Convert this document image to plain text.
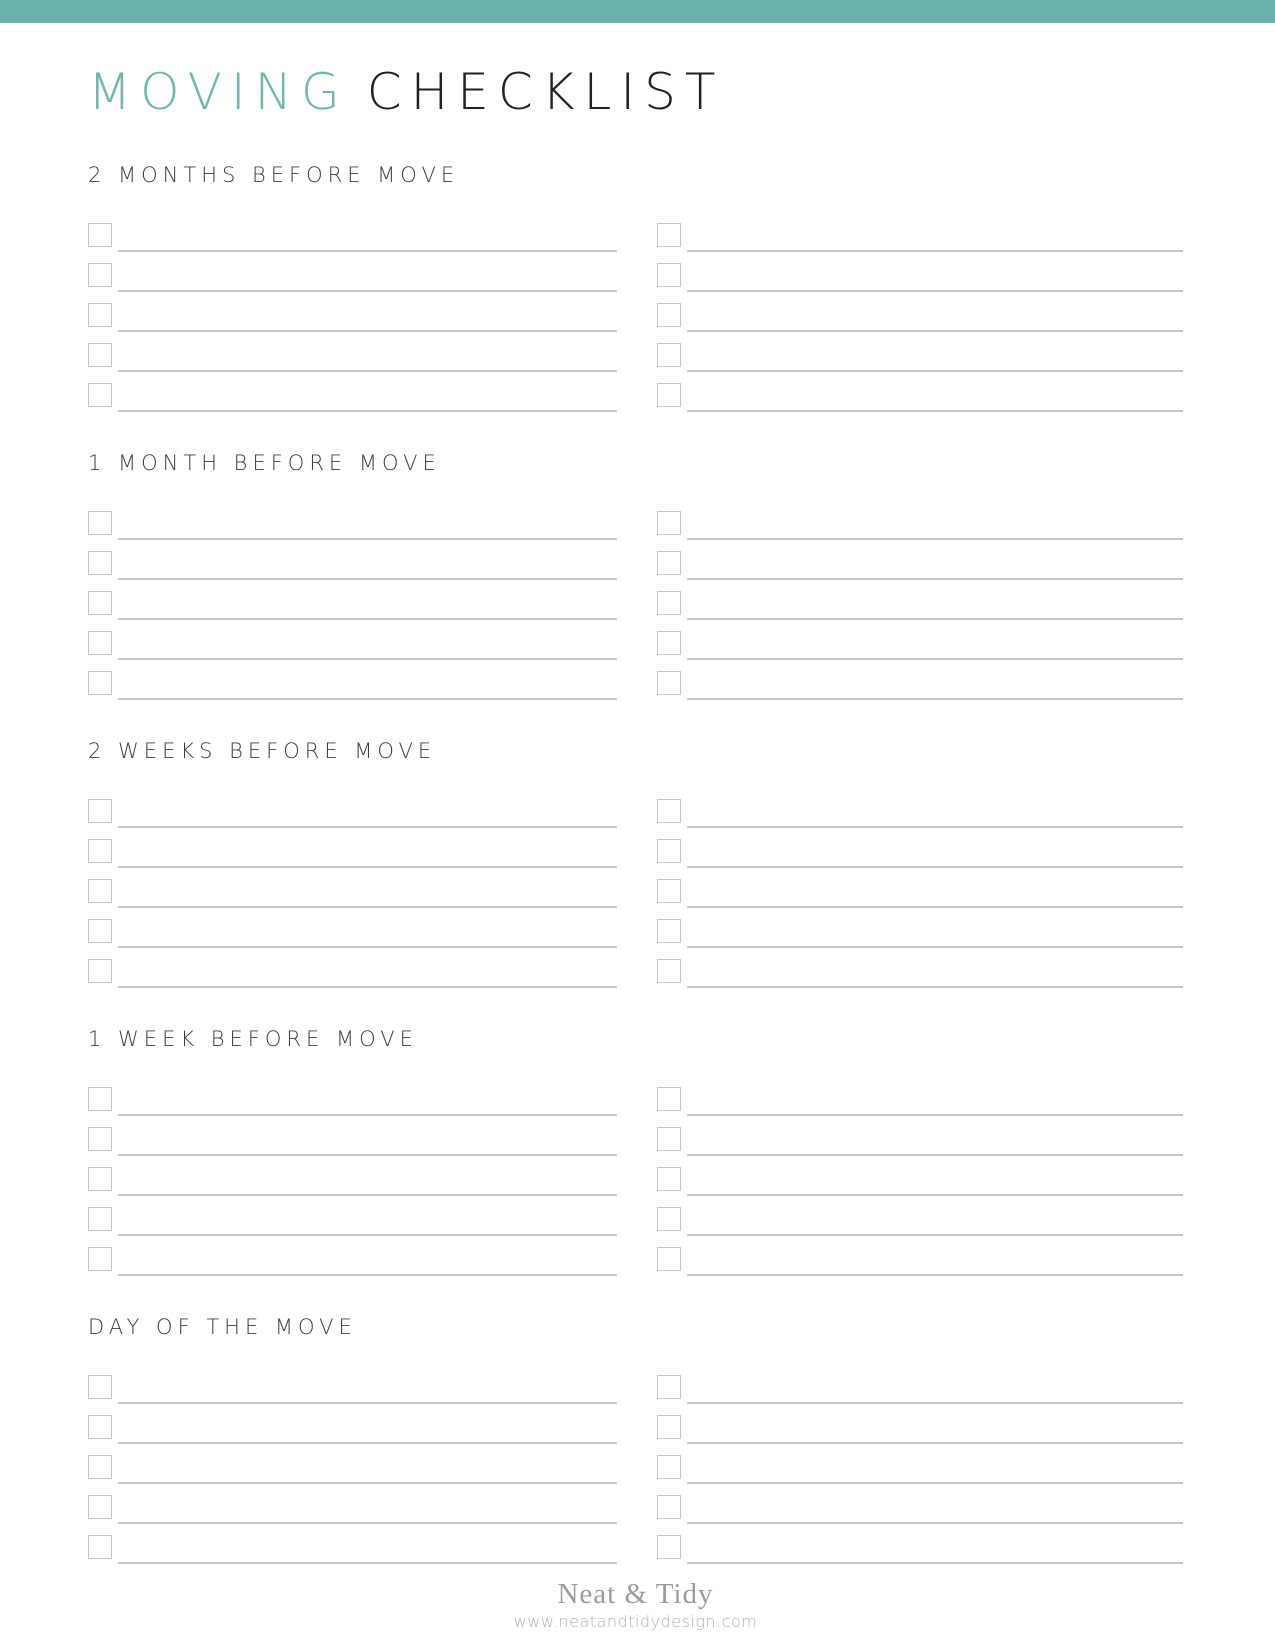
MOVING CHECKLIST
2 MONTHS BEFORE MOVE
1 MONTH BEFORE MOVE
2 WEEKS BEFORE MOVE
1 WEEK BEFORE MOVE
DAY OF THE MOVE
Neat & Tidy
www.neatandtidydesign.com
